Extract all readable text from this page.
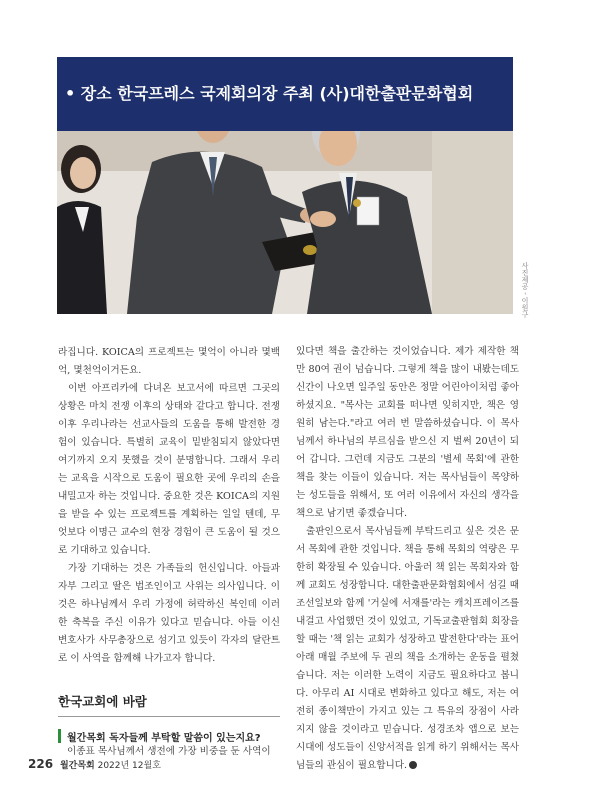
• 장소 한국프레스 국제회의장 주최 (사)대한출판문화협회
사진제공 - 이원구

라집니다. KOICA의 프로젝트는 몇억이 아니라 몇백억, 몇천억이거든요.

이번 아프리카에 다녀온 보고서에 따르면 그곳의 상황은 마치 전쟁 이후의 상태와 같다고 합니다. 전쟁 이후 우리나라는 선교사들의 도움을 통해 발전한 경험이 있습니다. 특별히 교육이 밑받침되지 않았다면 여기까지 오지 못했을 것이 분명합니다. 그래서 우리는 교육을 시작으로 도움이 필요한 곳에 우리의 손을 내밀고자 하는 것입니다. 중요한 것은 KOICA의 지원을 받을 수 있는 프로젝트를 계획하는 일일 텐데, 무엇보다 이명근 교수의 현장 경험이 큰 도움이 될 것으로 기대하고 있습니다.

가장 기대하는 것은 가족들의 헌신입니다. 아들과 자부 그리고 딸은 법조인이고 사위는 의사입니다. 이것은 하나님께서 우리 가정에 허락하신 복인데 이러한 축복을 주신 이유가 있다고 믿습니다. 아들 이신 변호사가 사무총장으로 섬기고 있듯이 각자의 달란트로 이 사역을 함께해 나가고자 합니다.

한국교회에 바람
월간목회 독자들께 부탁할 말씀이 있는지요?
이종표 목사님께서 생전에 가장 비중을 둔 사역이

있다면 책을 출간하는 것이었습니다. 제가 제작한 책만 80여 권이 넘습니다. 그렇게 책을 많이 내봤는데도 신간이 나오면 일주일 동안은 정말 어린아이처럼 좋아하셨지요. "목사는 교회를 떠나면 잊히지만, 책은 영원히 남는다."라고 여러 번 말씀하셨습니다. 이 목사님께서 하나님의 부르심을 받으신 지 벌써 20년이 되어 갑니다. 그런데 지금도 그분의 '별세 목회'에 관한 책을 찾는 이들이 있습니다. 저는 목사님들이 목양하는 성도들을 위해서, 또 여러 이유에서 자신의 생각을 책으로 남기면 좋겠습니다.

출판인으로서 목사님들께 부탁드리고 싶은 것은 문서 목회에 관한 것입니다. 책을 통해 목회의 역량은 무한히 확장될 수 있습니다. 아울러 책 읽는 목회자와 함께 교회도 성장합니다. 대한출판문화협회에서 섬길 때 조선일보와 함께 '거실에 서재를'라는 캐치프레이즈를 내걸고 사업했던 것이 있었고, 기독교출판협회 회장을 할 때는 '책 읽는 교회가 성장하고 발전한다'라는 표어 아래 매월 주보에 두 권의 책을 소개하는 운동을 펼쳤습니다. 저는 이러한 노력이 지금도 필요하다고 봅니다. 아무리 AI 시대로 변화하고 있다고 해도, 저는 여전히 종이책만이 가지고 있는 그 특유의 장점이 사라지지 않을 것이라고 믿습니다. 성경조차 앱으로 보는 시대에 성도들이 신앙서적을 읽게 하기 위해서는 목사님들의 관심이 필요합니다.

226 월간목회 2022년 12월호
